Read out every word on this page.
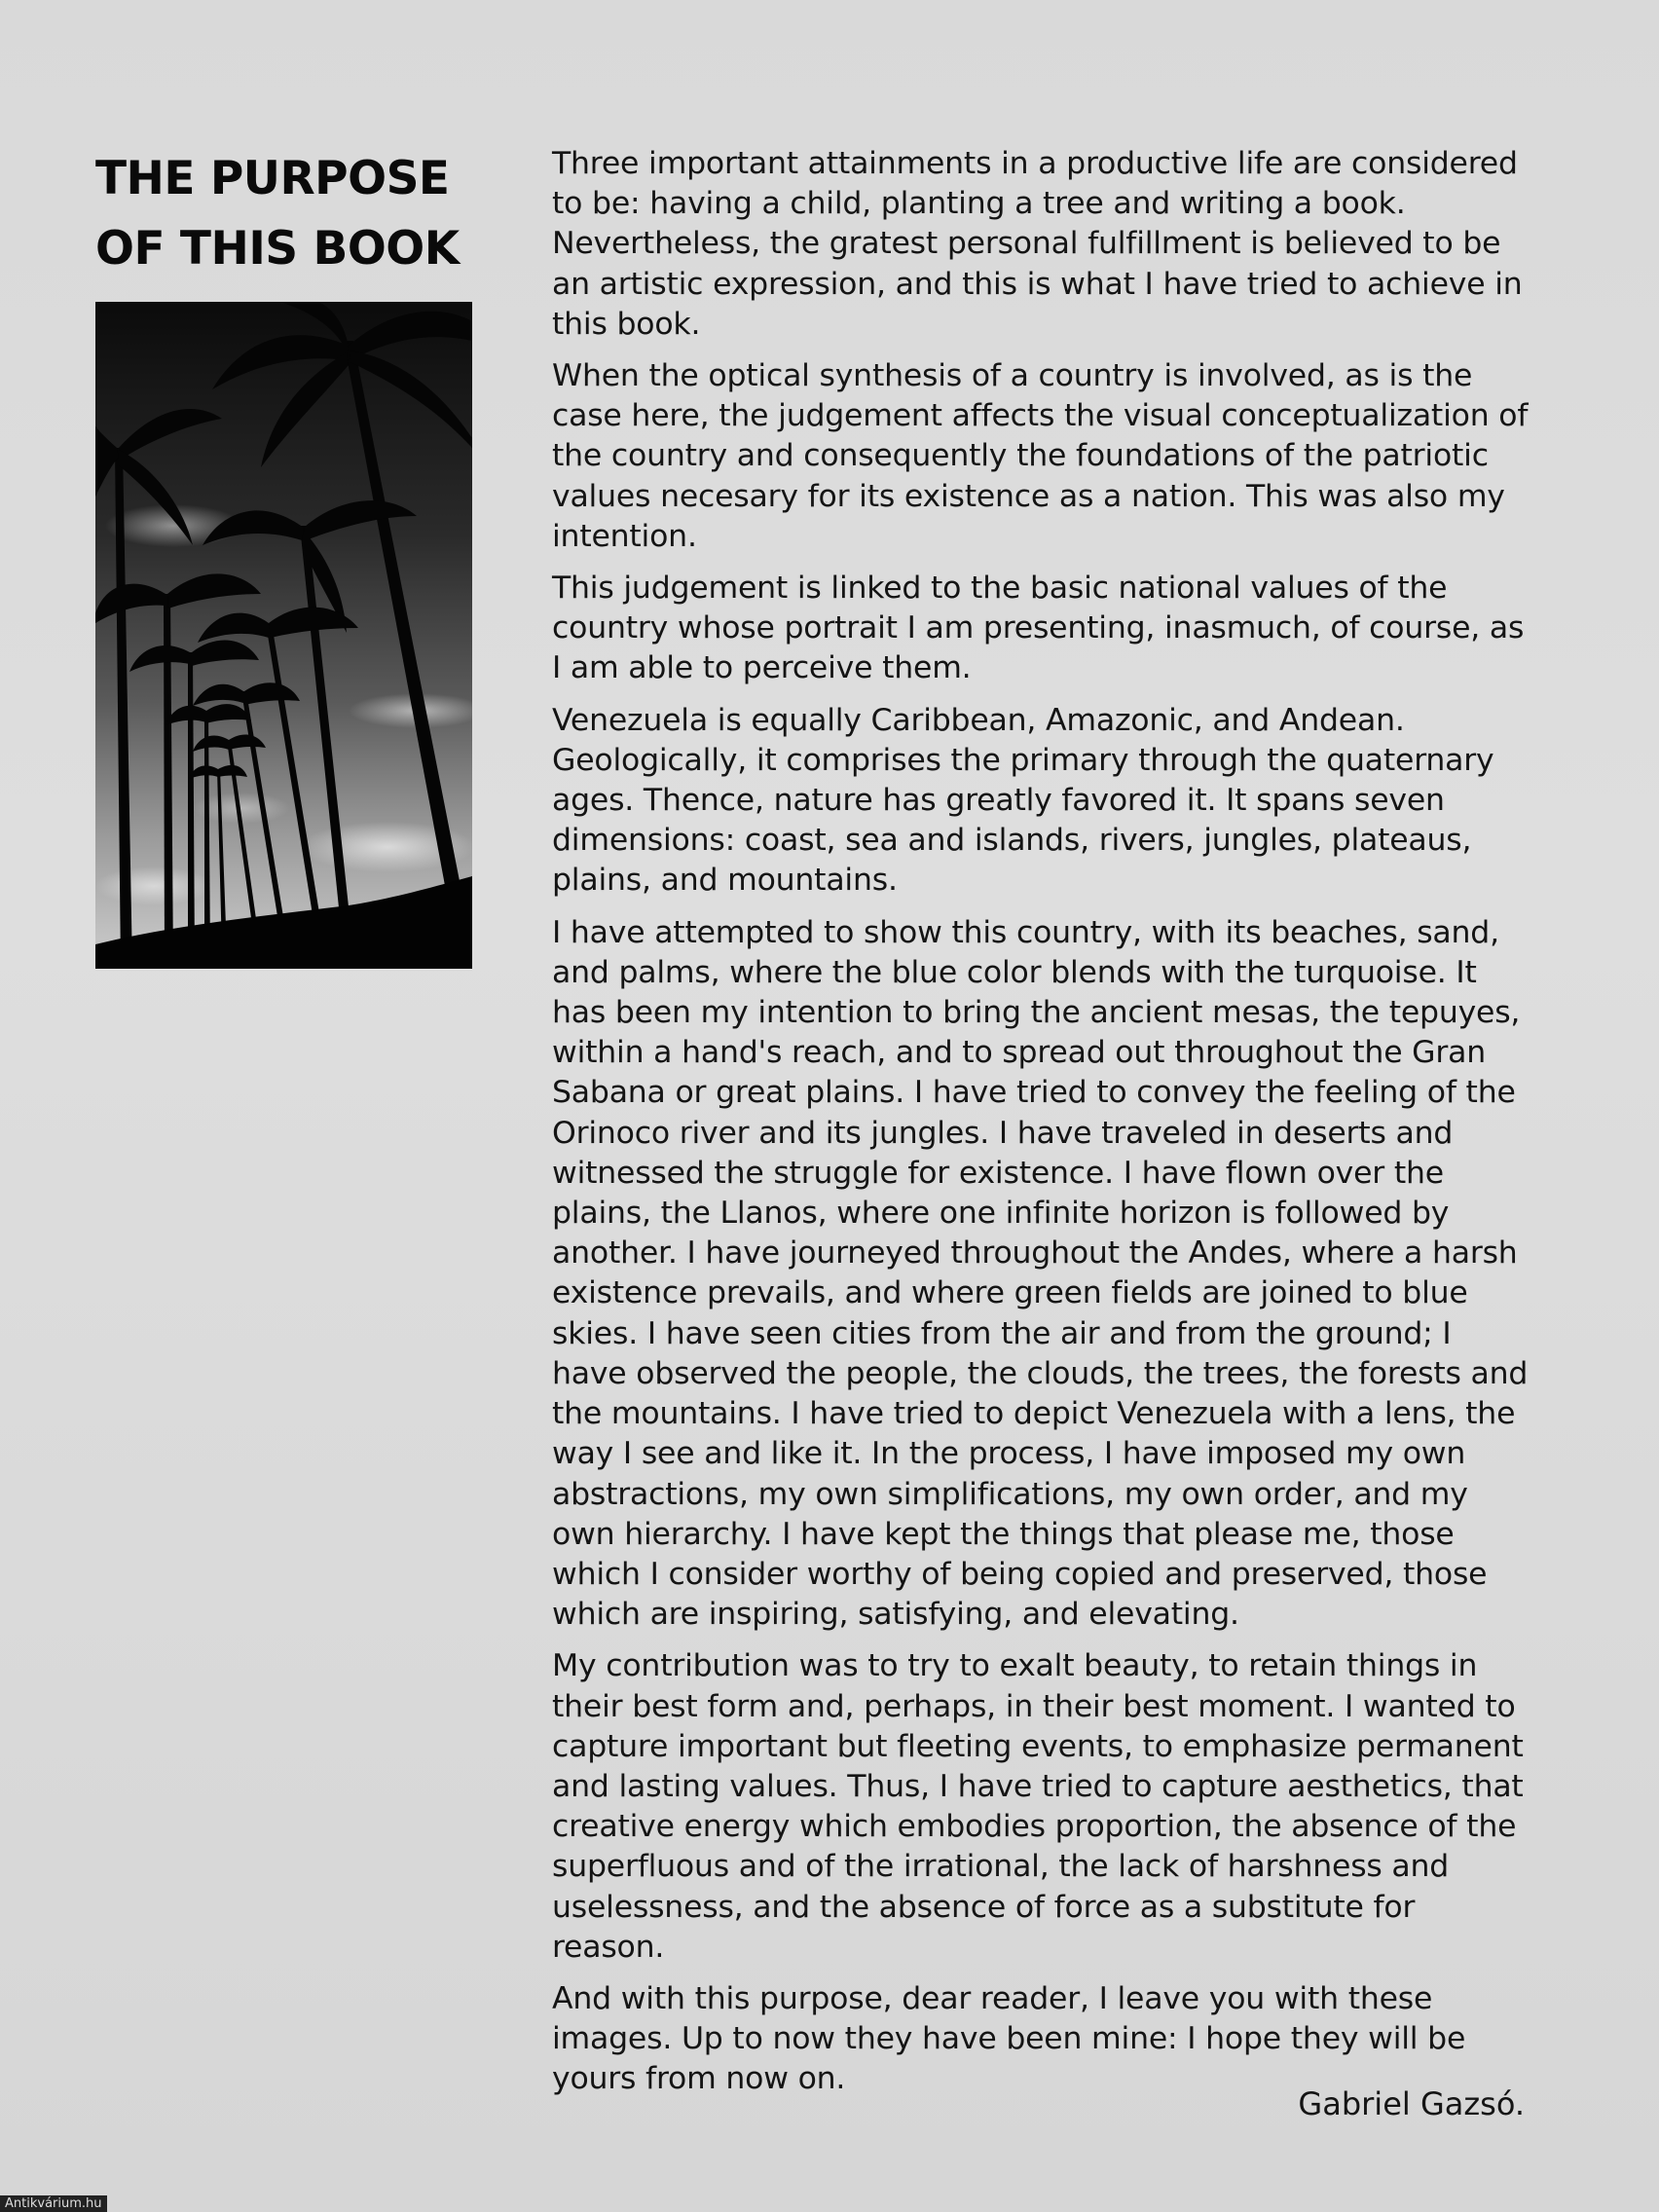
THE PURPOSE
OF THIS BOOK

Three important attainments in a productive life are considered to be: having a child, planting a tree and writing a book. Nevertheless, the gratest personal fulfillment is believed to be an artistic expression, and this is what I have tried to achieve in this book.

When the optical synthesis of a country is involved, as is the case here, the judgement affects the visual conceptualization of the country and consequently the foundations of the patriotic values necesary for its existence as a nation. This was also my intention.

This judgement is linked to the basic national values of the country whose portrait I am presenting, inasmuch, of course, as I am able to perceive them.

Venezuela is equally Caribbean, Amazonic, and Andean. Geologically, it comprises the primary through the quaternary ages. Thence, nature has greatly favored it. It spans seven dimensions: coast, sea and islands, rivers, jungles, plateaus, plains, and mountains.

I have attempted to show this country, with its beaches, sand, and palms, where the blue color blends with the turquoise. It has been my intention to bring the ancient mesas, the tepuyes, within a hand's reach, and to spread out throughout the Gran Sabana or great plains. I have tried to convey the feeling of the Orinoco river and its jungles. I have traveled in deserts and witnessed the struggle for existence. I have flown over the plains, the Llanos, where one infinite horizon is followed by another. I have journeyed throughout the Andes, where a harsh existence prevails, and where green fields are joined to blue skies. I have seen cities from the air and from the ground; I have observed the people, the clouds, the trees, the forests and the mountains. I have tried to depict Venezuela with a lens, the way I see and like it. In the process, I have imposed my own abstractions, my own simplifications, my own order, and my own hierarchy. I have kept the things that please me, those which I consider worthy of being copied and preserved, those which are inspiring, satisfying, and elevating.

My contribution was to try to exalt beauty, to retain things in their best form and, perhaps, in their best moment. I wanted to capture important but fleeting events, to emphasize permanent and lasting values. Thus, I have tried to capture aesthetics, that creative energy which embodies proportion, the absence of the superfluous and of the irrational, the lack of harshness and uselessness, and the absence of force as a substitute for reason.

And with this purpose, dear reader, I leave you with these images. Up to now they have been mine: I hope they will be yours from now on.

Gabriel Gazsó.
Antikvárium.hu
